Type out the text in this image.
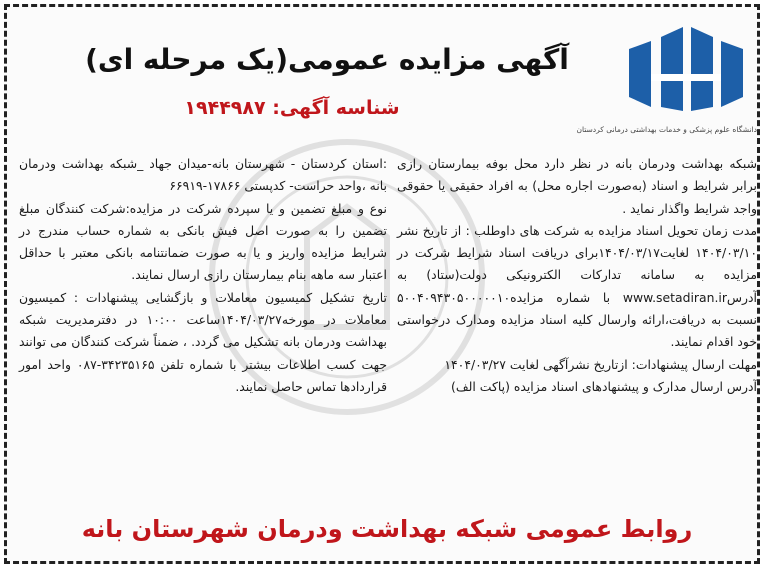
دانشگاه علوم پزشکی و خدمات بهداشتی درمانی کردستان
آگهی مزایده عمومی(یک مرحله ای)
شناسه آگهی: ۱۹۴۴۹۸۷

شبکه بهداشت ودرمان بانه در نظر دارد محل بوفه بیمارستان رازی برابر شرایط و اسناد (به‌صورت اجاره محل) به افراد حقیقی یا حقوقی واجد شرایط واگذار نماید .

مدت زمان تحویل اسناد مزایده به شرکت های داوطلب : از تاریخ نشر ۱۴۰۴/۰۳/۱۰ لغایت۱۴۰۴/۰۳/۱۷برای دریافت اسناد شرایط شرکت در مزایده به سامانه تدارکات الکترونیکی دولت(ستاد) به آدرسwww.setadiran.ir با شماره مزایده۵۰۰۴۰۹۴۳۰۵۰۰۰۰۰۱۰ نسبت به دریافت،ارائه وارسال کلیه اسناد مزایده ومدارک درخواستی خود اقدام نمایند.

مهلت ارسال پیشنهادات: ازتاریخ نشرآگهی لغایت ۱۴۰۴/۰۳/۲۷

آدرس ارسال مدارک و پیشنهادهای اسناد مزایده (پاکت الف)

:استان کردستان - شهرستان بانه-میدان جهاد _شبکه بهداشت ودرمان بانه ،واحد حراست- کدپستی ۱۷۸۶۶-۶۶۹۱۹

نوع و مبلغ تضمین و یا سپرده شرکت در مزایده:شرکت کنندگان مبلغ تضمین را به صورت اصل فیش بانکی به شماره حساب مندرج در شرایط مزایده واریز و یا به صورت ضمانتنامه بانکی معتبر با حداقل اعتبار سه ماهه بنام بیمارستان رازی ارسال نمایند.

تاریخ تشکیل کمیسیون معاملات و بازگشایی پیشنهادات : کمیسیون معاملات در مورخه۱۴۰۴/۰۳/۲۷ساعت ۱۰:۰۰ در دفترمدیریت شبکه بهداشت ودرمان بانه تشکیل می گردد. ، ضمناً شرکت کنندگان می توانند جهت کسب اطلاعات بیشتر با شماره تلفن ۳۴۲۳۵۱۶۵-۰۸۷ واحد امور قراردادها تماس حاصل نمایند.

روابط عمومی شبکه بهداشت ودرمان شهرستان بانه
